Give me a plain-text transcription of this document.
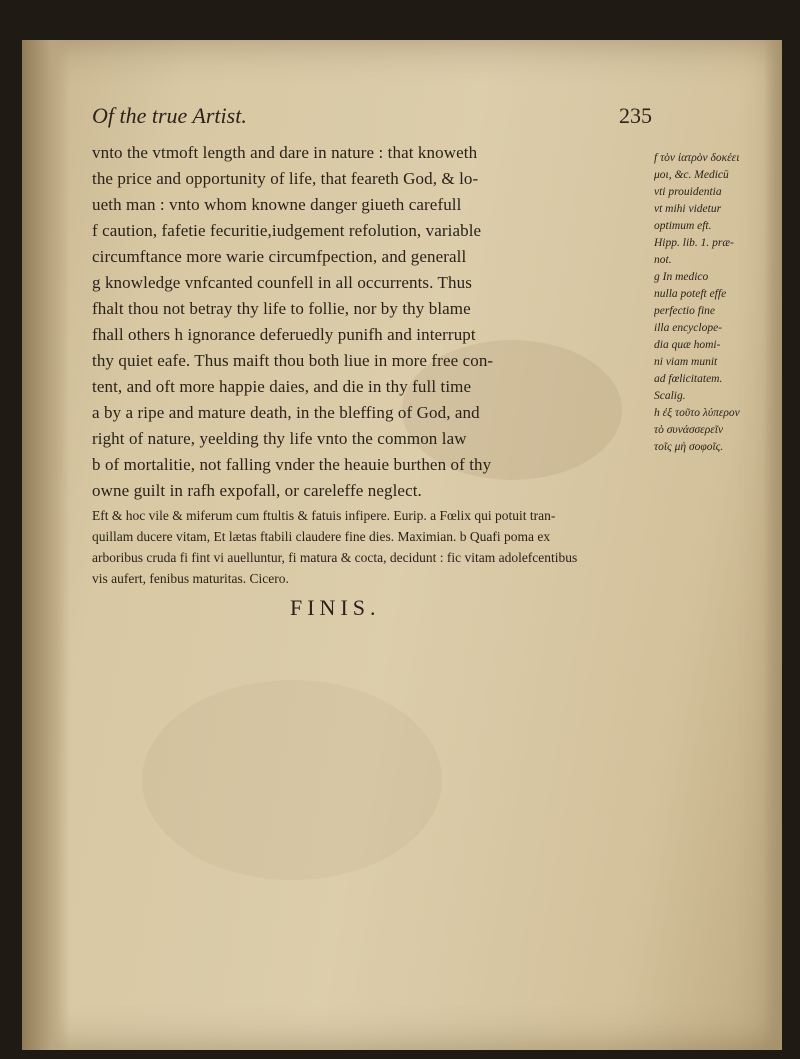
Of the true Artist.	235
vnto the vtmoft length and dare in nature : that knoweth
the price and opportunity of life, that feareth God, & lo-
ueth man : vnto whom knowne danger giueth carefull
f caution, fafetie fecuritie,iudgement refolution, variable
circumftance more warie circumfpection, and generall
g knowledge vnfcanted counfell in all occurrents. Thus
fhalt thou not betray thy life to follie, nor by thy blame
fhall others h ignorance deferuedly punifh and interrupt
thy quiet eafe. Thus maift thou both liue in more free con-
tent, and oft more happie daies, and die in thy full time
a by a ripe and mature death, in the bleffing of God, and
right of nature, yeelding thy life vnto the common law
b of mortalitie, not falling vnder the heauie burthen of thy
owne guilt in rafh expofall, or careleffe neglect.
f τὸν ἰατρὸν δοκέει
μοι, &c. Medicū
vti prouidentia
vt mihi videtur
optimum eft.
Hipp. lib. 1. præ-
not.
g In medico
nulla poteft effe
perfectio fine
illa encyclope-
dia quæ homi-
ni viam munit
ad fœlicitatem.
Scalig.
h ἐξ τοῦτο λύπερον
τὸ συνάσσερεῖν
τοῖς μὴ σοφοῖς.
Eft & hoc vile & miferum cum ftultis & fatuis infipere. Eurip. a Fœlix qui potuit tran-
quillam ducere vitam, Et lætas ftabili claudere fine dies. Maximian. b Quafi poma ex
arboribus cruda fi fint vi auelluntur, fi matura & cocta, decidunt : fic vitam adolefcentibus
vis aufert, fenibus maturitas. Cicero.
FINIS.
